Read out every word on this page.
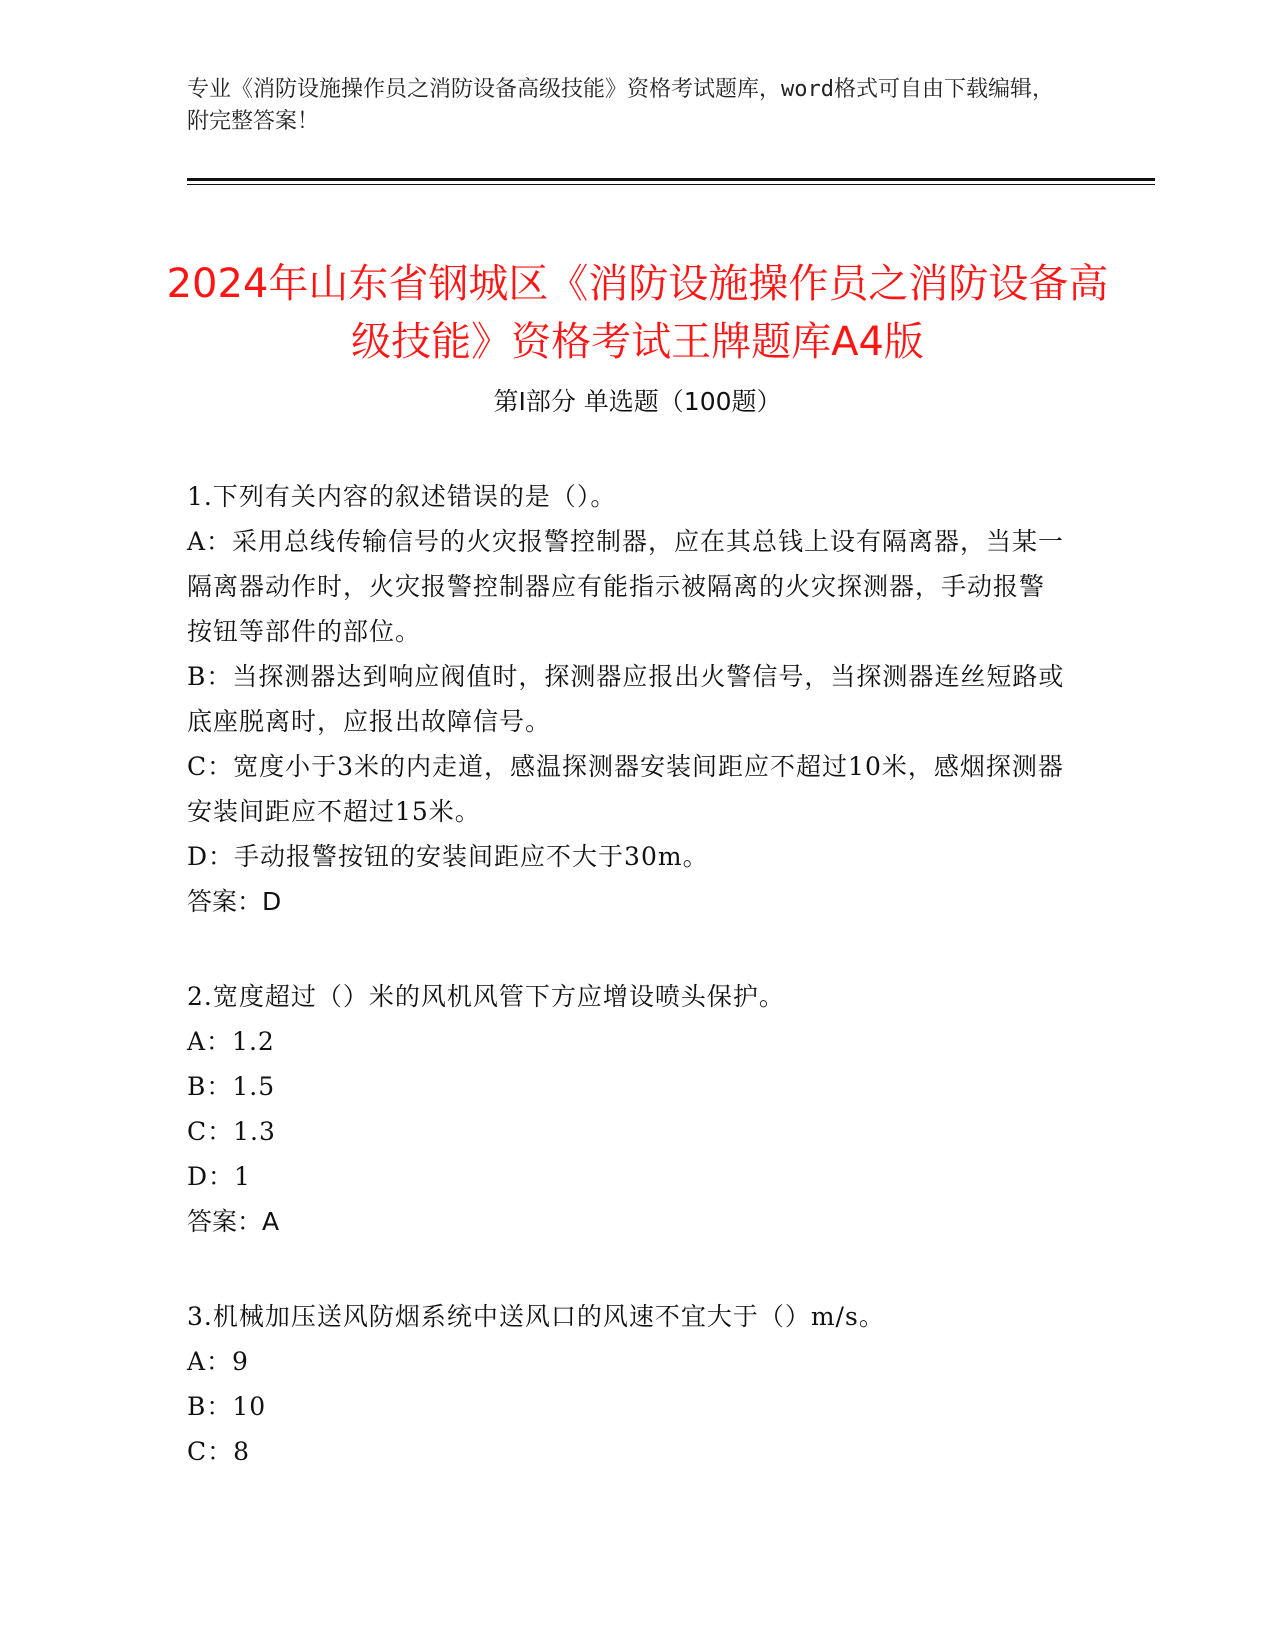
专业《消防设施操作员之消防设备高级技能》资格考试题库，word格式可自由下载编辑，附完整答案！
2024年山东省钢城区《消防设施操作员之消防设备高级技能》资格考试王牌题库A4版
第Ⅰ部分 单选题（100题）

1.下列有关内容的叙述错误的是（）。

A：采用总线传输信号的火灾报警控制器，应在其总钱上设有隔离器，当某一隔离器动作时，火灾报警控制器应有能指示被隔离的火灾探测器，手动报警按钮等部件的部位。

B：当探测器达到响应阀值时，探测器应报出火警信号，当探测器连丝短路或底座脱离时，应报出故障信号。

C：宽度小于3米的内走道，感温探测器安装间距应不超过10米，感烟探测器安装间距应不超过15米。

D：手动报警按钮的安装间距应不大于30m。

答案：D

2.宽度超过（）米的风机风管下方应增设喷头保护。

A：1.2

B：1.5

C：1.3

D：1

答案：A

3.机械加压送风防烟系统中送风口的风速不宜大于（）m/s。

A：9

B：10

C：8
